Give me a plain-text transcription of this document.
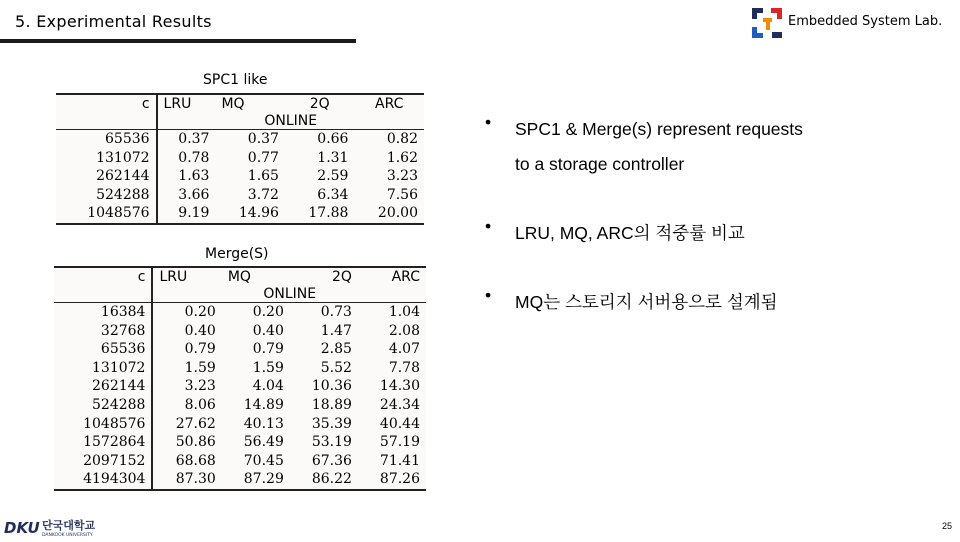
5. Experimental Results	Embedded System Lab.
SPC1 like
c	LRU	MQ	2Q	ARC
	ONLINE			
65536	0.37	0.37	0.66	0.82
131072	0.78	0.77	1.31	1.62
262144	1.63	1.65	2.59	3.23
524288	3.66	3.72	6.34	7.56
1048576	9.19	14.96	17.88	20.00
Merge(S)
c	LRU	MQ	2Q	ARC
	ONLINE			
16384	0.20	0.20	0.73	1.04
32768	0.40	0.40	1.47	2.08
65536	0.79	0.79	2.85	4.07
131072	1.59	1.59	5.52	7.78
262144	3.23	4.04	10.36	14.30
524288	8.06	14.89	18.89	24.34
1048576	27.62	40.13	35.39	40.44
1572864	50.86	56.49	53.19	57.19
2097152	68.68	70.45	67.36	71.41
4194304	87.30	87.29	86.22	87.26
•	SPC1 & Merge(s) represent requests
to a storage controller
•	LRU, MQ, ARC의 적중률 비교
•	MQ는 스토리지 서버용으로 설계됨
DKU 단국대학교
DANKOOK UNIVERSITY
25
